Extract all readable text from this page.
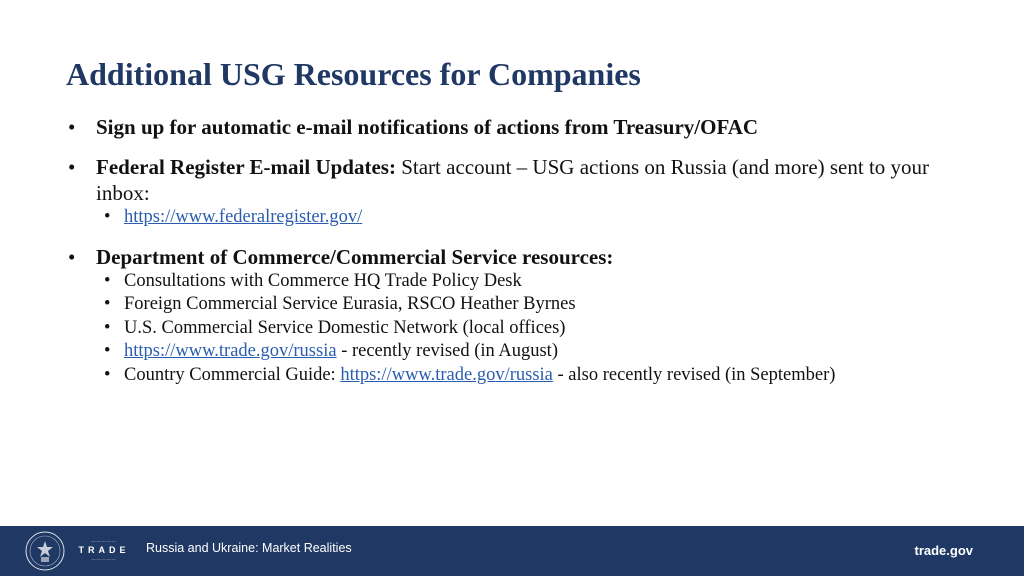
Additional USG Resources for Companies
• Sign up for automatic e-mail notifications of actions from Treasury/OFAC
• Federal Register E-mail Updates: Start account – USG actions on Russia (and more) sent to your inbox:
• https://www.federalregister.gov/
• Department of Commerce/Commercial Service resources:
• Consultations with Commerce HQ Trade Policy Desk
• Foreign Commercial Service Eurasia, RSCO Heather Byrnes
• U.S. Commercial Service Domestic Network (local offices)
• https://www.trade.gov/russia - recently revised (in August)
• Country Commercial Guide: https://www.trade.gov/russia - also recently revised (in September)
—————
TRADE
—————
Russia and Ukraine: Market Realities	trade.gov
